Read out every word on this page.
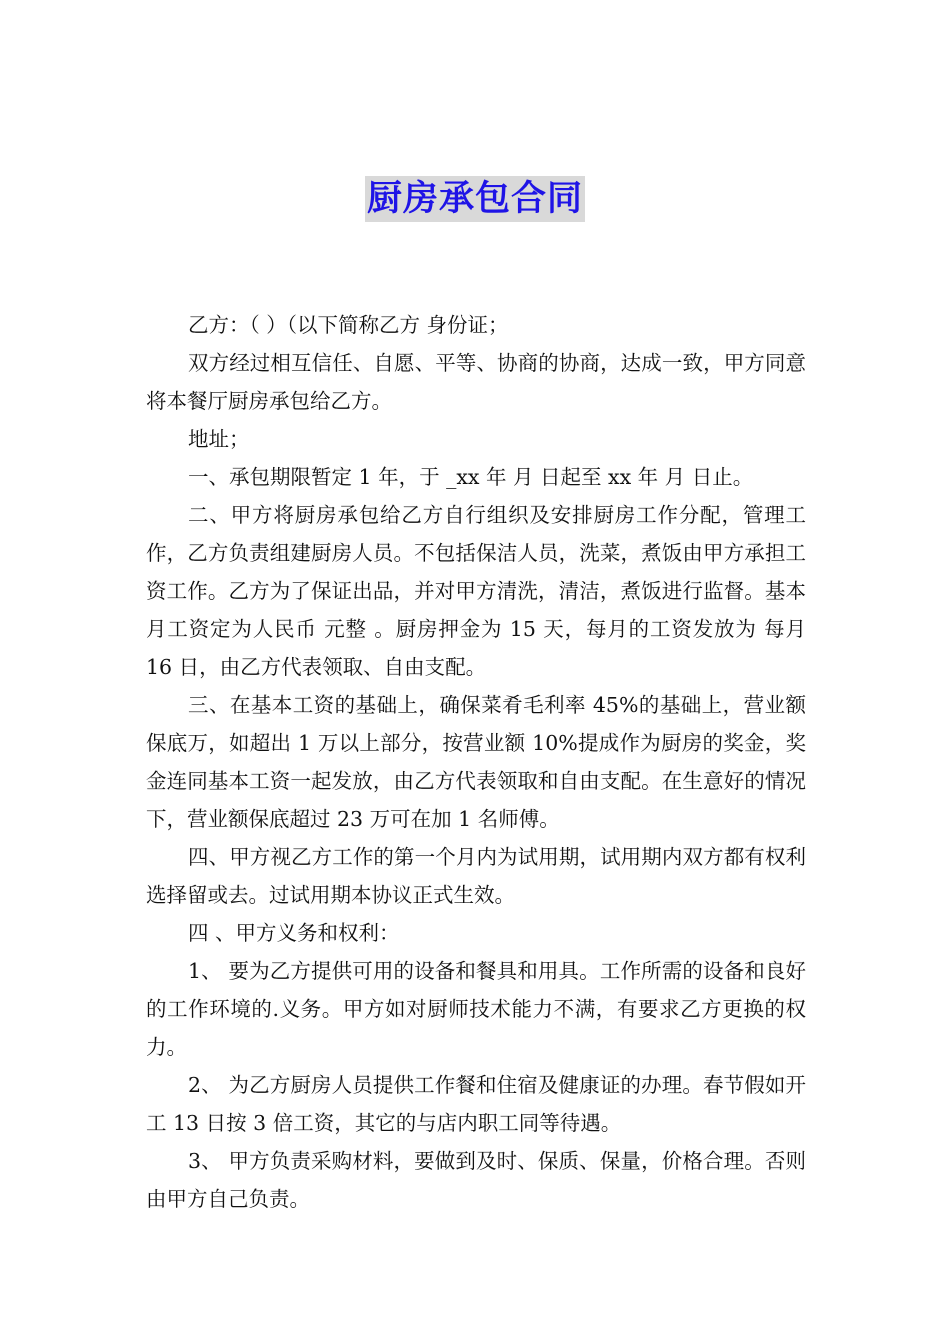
厨房承包合同

乙方：（ ）（以下简称乙方 身份证；

双方经过相互信任、自愿、平等、协商的协商，达成一致，甲方同意将本餐厅厨房承包给乙方。

地址；

一、承包期限暂定 1 年，于 _xx 年 月 日起至 xx 年 月 日止。

二、甲方将厨房承包给乙方自行组织及安排厨房工作分配，管理工作，乙方负责组建厨房人员。不包括保洁人员，洗菜，煮饭由甲方承担工资工作。乙方为了保证出品，并对甲方清洗，清洁，煮饭进行监督。基本月工资定为人民币 元整 。厨房押金为 15 天，每月的工资发放为 每月 16 日，由乙方代表领取、自由支配。

三、在基本工资的基础上，确保菜肴毛利率 45%的基础上，营业额保底万，如超出 1 万以上部分，按营业额 10%提成作为厨房的奖金，奖金连同基本工资一起发放，由乙方代表领取和自由支配。在生意好的情况下，营业额保底超过 23 万可在加 1 名师傅。

四、甲方视乙方工作的第一个月内为试用期，试用期内双方都有权利选择留或去。过试用期本协议正式生效。

四 、甲方义务和权利：

1、 要为乙方提供可用的设备和餐具和用具。工作所需的设备和良好的工作环境的.义务。甲方如对厨师技术能力不满，有要求乙方更换的权力。

2、 为乙方厨房人员提供工作餐和住宿及健康证的办理。春节假如开工 13 日按 3 倍工资，其它的与店内职工同等待遇。

3、 甲方负责采购材料，要做到及时、保质、保量，价格合理。否则由甲方自己负责。
